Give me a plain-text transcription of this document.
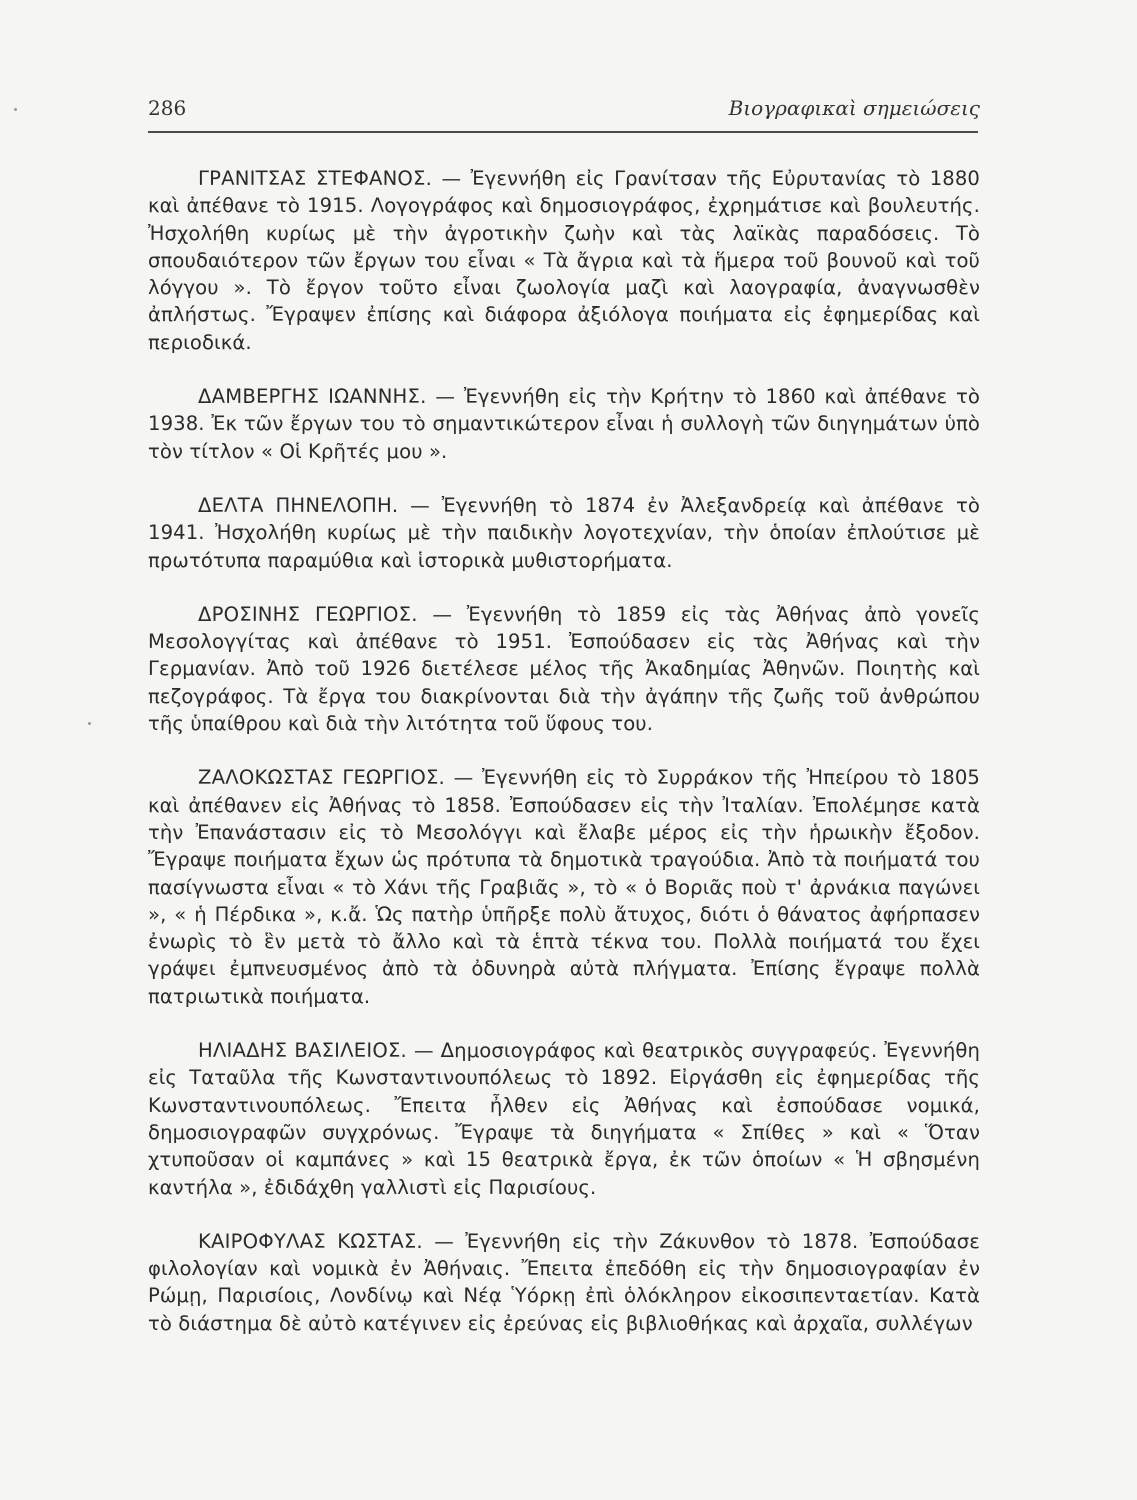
286	Βιογραφικαὶ σημειώσεις

ΓΡΑΝΙΤΣΑΣ ΣΤΕΦΑΝΟΣ. — Ἐγεννήθη εἰς Γρανίτσαν τῆς Εὐρυτανίας τὸ 1880 καὶ ἀπέθανε τὸ 1915. Λογογράφος καὶ δημοσιογράφος, ἐχρημάτισε καὶ βουλευτής. Ἠσχολήθη κυρίως μὲ τὴν ἀγροτικὴν ζωὴν καὶ τὰς λαϊκὰς παραδόσεις. Τὸ σπουδαιότερον τῶν ἔργων του εἶναι « Τὰ ἄγρια καὶ τὰ ἥμερα τοῦ βουνοῦ καὶ τοῦ λόγγου ». Τὸ ἔργον τοῦτο εἶναι ζωολογία μαζὶ καὶ λαογραφία, ἀναγνωσθὲν ἀπλήστως. Ἔγραψεν ἐπίσης καὶ διάφορα ἀξιόλογα ποιήματα εἰς ἐφημερίδας καὶ περιοδικά.

ΔΑΜΒΕΡΓΗΣ ΙΩΑΝΝΗΣ. — Ἐγεννήθη εἰς τὴν Κρήτην τὸ 1860 καὶ ἀπέθανε τὸ 1938. Ἐκ τῶν ἔργων του τὸ σημαντικώτερον εἶναι ἡ συλλογὴ τῶν διηγημάτων ὑπὸ τὸν τίτλον « Οἱ Κρῆτές μου ».

ΔΕΛΤΑ ΠΗΝΕΛΟΠΗ. — Ἐγεννήθη τὸ 1874 ἐν Ἀλεξανδρείᾳ καὶ ἀπέθανε τὸ 1941. Ἠσχολήθη κυρίως μὲ τὴν παιδικὴν λογοτεχνίαν, τὴν ὁποίαν ἐπλούτισε μὲ πρωτότυπα παραμύθια καὶ ἱστορικὰ μυθιστορήματα.

ΔΡΟΣΙΝΗΣ ΓΕΩΡΓΙΟΣ. — Ἐγεννήθη τὸ 1859 εἰς τὰς Ἀθήνας ἀπὸ γονεῖς Μεσολογγίτας καὶ ἀπέθανε τὸ 1951. Ἐσπούδασεν εἰς τὰς Ἀθήνας καὶ τὴν Γερμανίαν. Ἀπὸ τοῦ 1926 διετέλεσε μέλος τῆς Ἀκαδημίας Ἀθηνῶν. Ποιητὴς καὶ πεζογράφος. Τὰ ἔργα του διακρίνονται διὰ τὴν ἀγάπην τῆς ζωῆς τοῦ ἀνθρώπου τῆς ὑπαίθρου καὶ διὰ τὴν λιτότητα τοῦ ὕφους του.

ΖΑΛΟΚΩΣΤΑΣ ΓΕΩΡΓΙΟΣ. — Ἐγεννήθη εἰς τὸ Συρράκον τῆς Ἠπείρου τὸ 1805 καὶ ἀπέθανεν εἰς Ἀθήνας τὸ 1858. Ἐσπούδασεν εἰς τὴν Ἰταλίαν. Ἐπολέμησε κατὰ τὴν Ἐπανάστασιν εἰς τὸ Μεσολόγγι καὶ ἔλαβε μέρος εἰς τὴν ἡρωικὴν ἔξοδον. Ἔγραψε ποιήματα ἔχων ὡς πρότυπα τὰ δημοτικὰ τραγούδια. Ἀπὸ τὰ ποιήματά του πασίγνωστα εἶναι « τὸ Χάνι τῆς Γραβιᾶς », τὸ « ὁ Βοριᾶς ποὺ τ' ἀρνάκια παγώνει », « ἡ Πέρδικα », κ.ἄ. Ὡς πατὴρ ὑπῆρξε πολὺ ἄτυχος, διότι ὁ θάνατος ἀφήρπασεν ἐνωρὶς τὸ ἓν μετὰ τὸ ἄλλο καὶ τὰ ἑπτὰ τέκνα του. Πολλὰ ποιήματά του ἔχει γράψει ἐμπνευσμένος ἀπὸ τὰ ὀδυνηρὰ αὐτὰ πλήγματα. Ἐπίσης ἔγραψε πολλὰ πατριωτικὰ ποιήματα.

ΗΛΙΑΔΗΣ ΒΑΣΙΛΕΙΟΣ. — Δημοσιογράφος καὶ θεατρικὸς συγγραφεύς. Ἐγεννήθη εἰς Ταταῦλα τῆς Κωνσταντινουπόλεως τὸ 1892. Εἰργάσθη εἰς ἐφημερίδας τῆς Κωνσταντινουπόλεως. Ἔπειτα ἦλθεν εἰς Ἀθήνας καὶ ἐσπούδασε νομικά, δημοσιογραφῶν συγχρόνως. Ἔγραψε τὰ διηγήματα « Σπίθες » καὶ « Ὅταν χτυποῦσαν οἱ καμπάνες » καὶ 15 θεατρικὰ ἔργα, ἐκ τῶν ὁποίων « Ἡ σβησμένη καντήλα », ἐδιδάχθη γαλλιστὶ εἰς Παρισίους.

ΚΑΙΡΟΦΥΛΑΣ ΚΩΣΤΑΣ. — Ἐγεννήθη εἰς τὴν Ζάκυνθον τὸ 1878. Ἐσπούδασε φιλολογίαν καὶ νομικὰ ἐν Ἀθήναις. Ἔπειτα ἐπεδόθη εἰς τὴν δημοσιογραφίαν ἐν Ρώμῃ, Παρισίοις, Λονδίνῳ καὶ Νέᾳ Ὑόρκῃ ἐπὶ ὁλόκληρον εἰκοσιπενταετίαν. Κατὰ τὸ διάστημα δὲ αὐτὸ κατέγινεν εἰς ἐρεύνας εἰς βιβλιοθήκας καὶ ἀρχαῖα, συλλέγων
